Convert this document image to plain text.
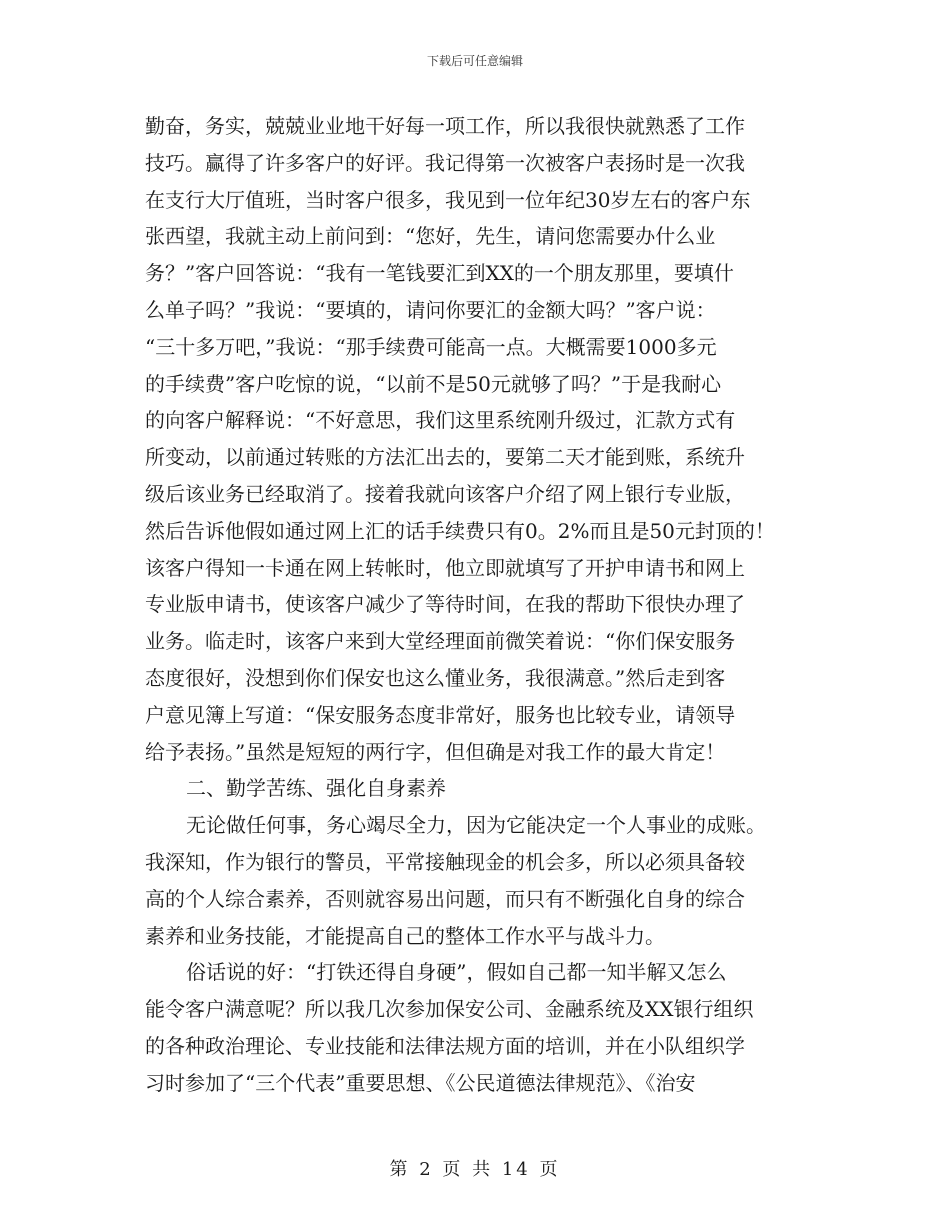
下载后可任意编辑
勤奋，务实，兢兢业业地干好每一项工作，所以我很快就熟悉了工作
技巧。赢得了许多客户的好评。我记得第一次被客户表扬时是一次我
在支行大厅值班，当时客户很多，我见到一位年纪30岁左右的客户东
张西望，我就主动上前问到：“您好，先生，请问您需要办什么业
务？”客户回答说：“我有一笔钱要汇到XX的一个朋友那里，要填什
么单子吗？”我说：“要填的，请问你要汇的金额大吗？”客户说：
“三十多万吧，”我说：“那手续费可能高一点。大概需要1000多元
的手续费”客户吃惊的说，“以前不是50元就够了吗？”于是我耐心
的向客户解释说：“不好意思，我们这里系统刚升级过，汇款方式有
所变动，以前通过转账的方法汇出去的，要第二天才能到账，系统升
级后该业务已经取消了。接着我就向该客户介绍了网上银行专业版，
然后告诉他假如通过网上汇的话手续费只有0。2%而且是50元封顶的！
该客户得知一卡通在网上转帐时，他立即就填写了开护申请书和网上
专业版申请书，使该客户减少了等待时间，在我的帮助下很快办理了
业务。临走时，该客户来到大堂经理面前微笑着说：“你们保安服务
态度很好，没想到你们保安也这么懂业务，我很满意。”然后走到客
户意见簿上写道：“保安服务态度非常好，服务也比较专业，请领导
给予表扬。”虽然是短短的两行字，但但确是对我工作的最大肯定！
二、勤学苦练、强化自身素养
无论做任何事，务心竭尽全力，因为它能决定一个人事业的成账。
我深知，作为银行的警员，平常接触现金的机会多，所以必须具备较
高的个人综合素养，否则就容易出问题，而只有不断强化自身的综合
素养和业务技能，才能提高自己的整体工作水平与战斗力。
俗话说的好：“打铁还得自身硬”，假如自己都一知半解又怎么
能令客户满意呢？所以我几次参加保安公司、金融系统及XX银行组织
的各种政治理论、专业技能和法律法规方面的培训，并在小队组织学
习时参加了“三个代表”重要思想、《公民道德法律规范》、《治安
第 2 页 共 14 页
